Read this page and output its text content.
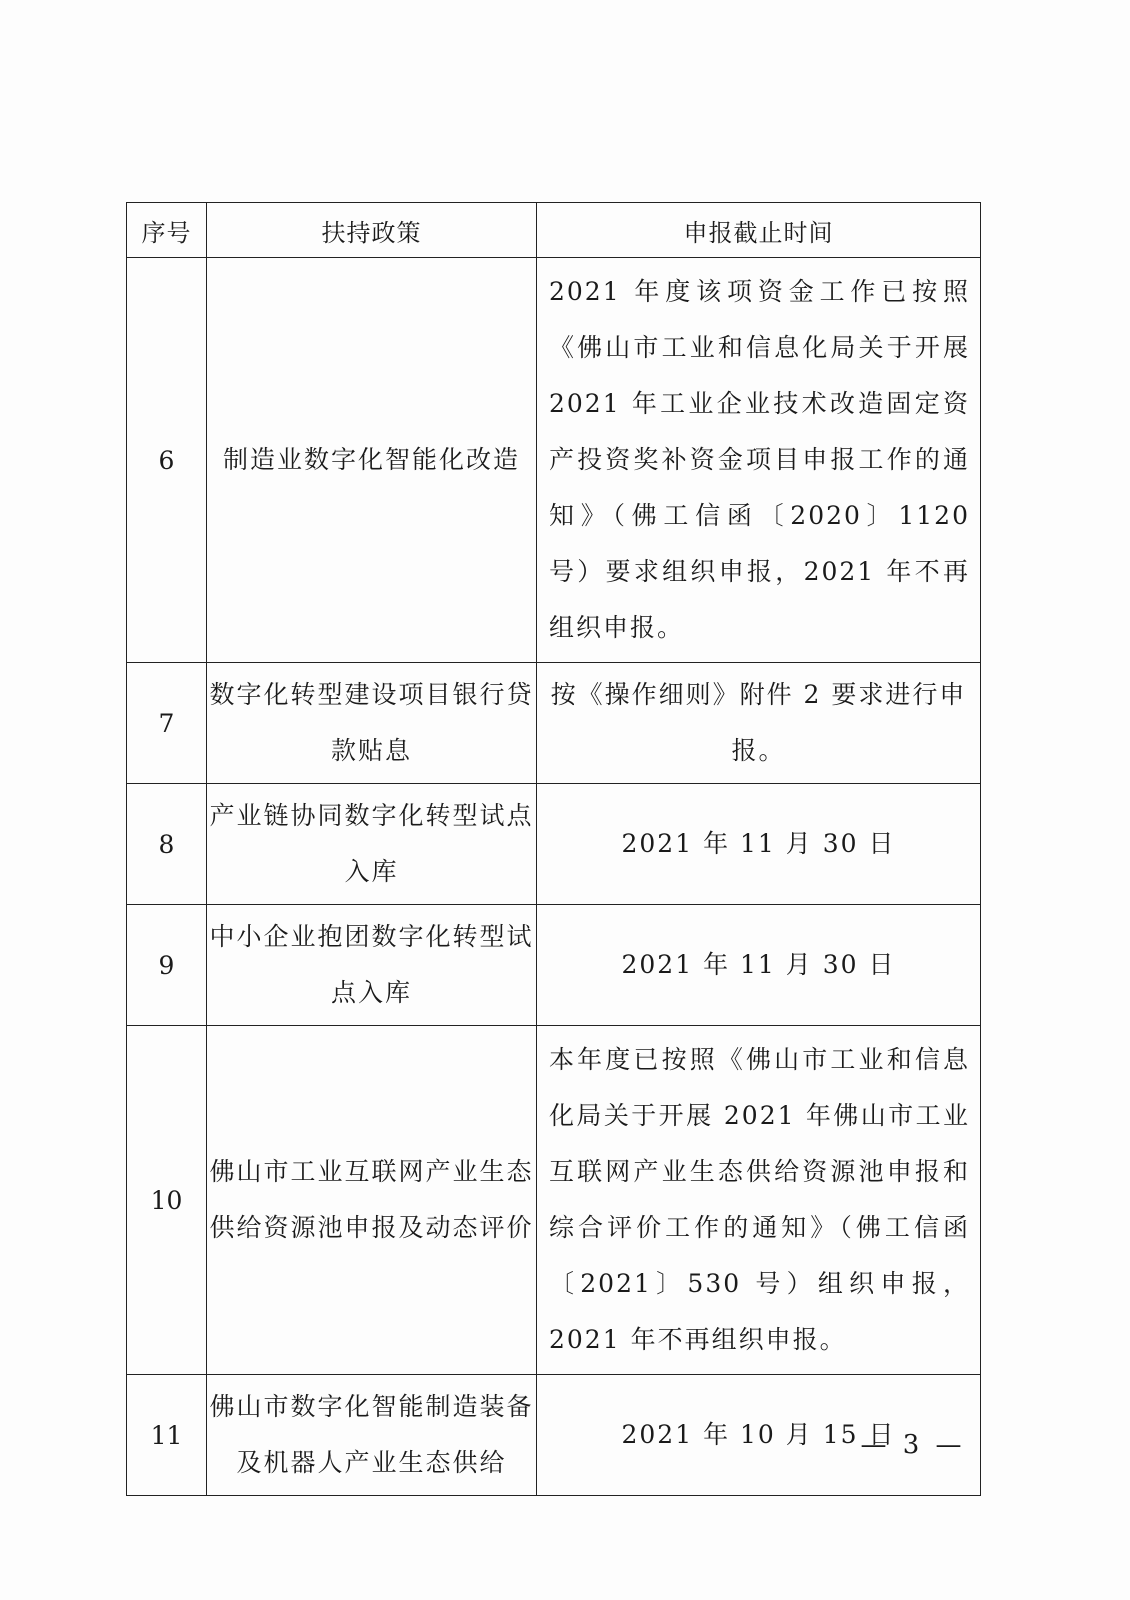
序号	扶持政策	申报截止时间
6	制造业数字化智能化改造	2021 年度该项资金工作已按照《佛山市工业和信息化局关于开展 2021 年工业企业技术改造固定资产投资奖补资金项目申报工作的通知》（佛工信函〔2020〕1120 号）要求组织申报，2021 年不再组织申报。
7	数字化转型建设项目银行贷款贴息	按《操作细则》附件 2 要求进行申报。
8	产业链协同数字化转型试点入库	2021 年 11 月 30 日
9	中小企业抱团数字化转型试点入库	2021 年 11 月 30 日
10	佛山市工业互联网产业生态供给资源池申报及动态评价	本年度已按照《佛山市工业和信息化局关于开展 2021 年佛山市工业互联网产业生态供给资源池申报和综合评价工作的通知》（佛工信函〔2021〕530 号）组织申报，2021 年不再组织申报。
11	佛山市数字化智能制造装备及机器人产业生态供给	2021 年 10 月 15 日
— 3 —
